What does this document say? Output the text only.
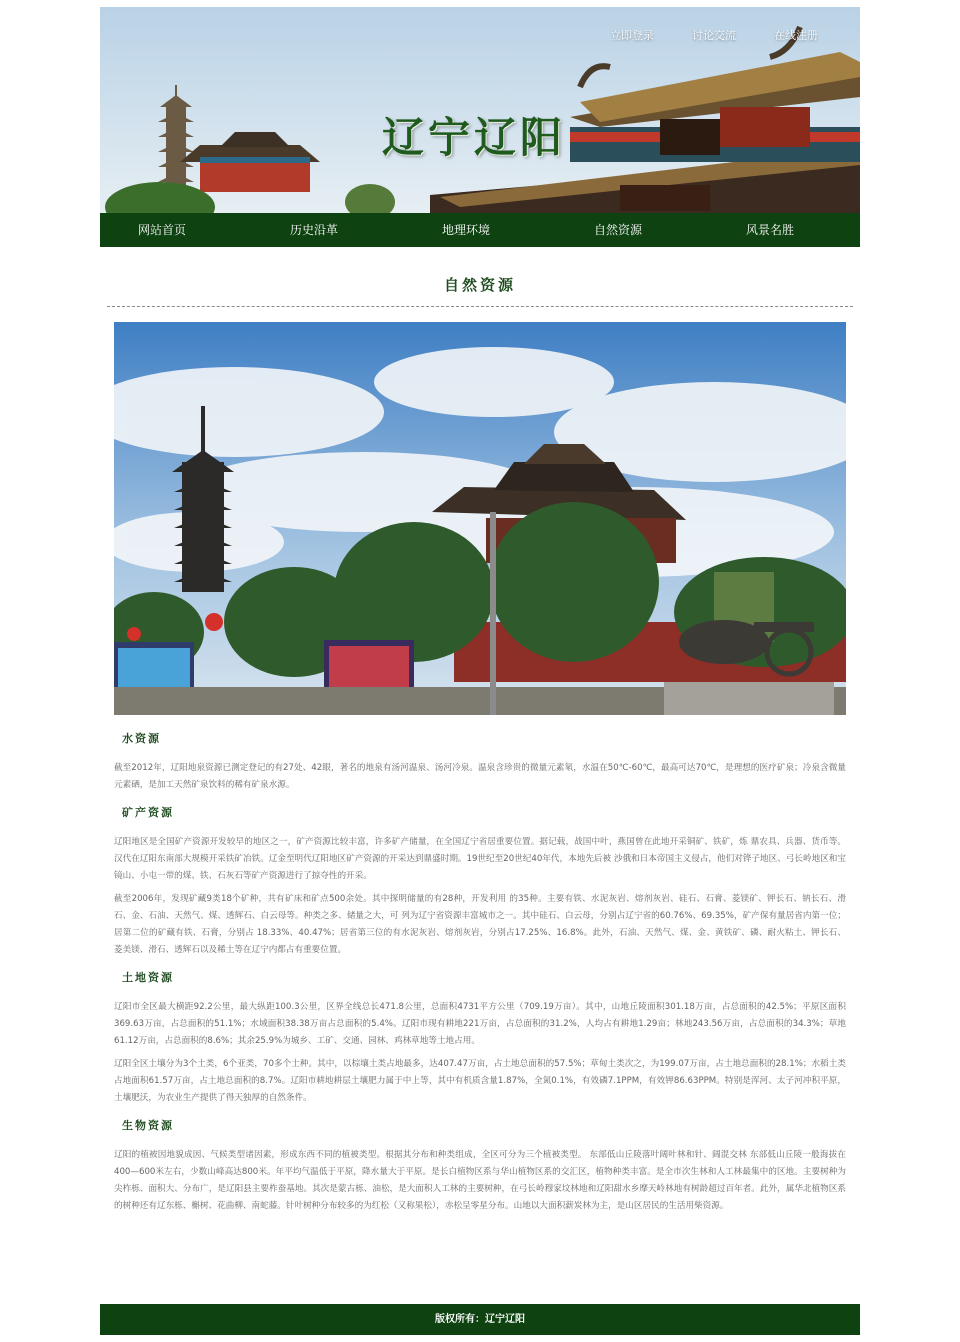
辽宁辽阳
立即登录	讨论交流	在线注册
网站首页	历史沿革	地理环境	自然资源	风景名胜
自然资源
水资源

截至2012年，辽阳地泉资源已测定登记的有27处、42眼，著名的地泉有汤河温泉、汤河冷泉。温泉含珍贵的微量元素氡，水温在50℃-60℃，最高可达70℃，是理想的医疗矿泉；冷泉含微量元素硒，是加工天然矿泉饮料的稀有矿泉水源。

矿产资源

辽阳地区是全国矿产资源开发较早的地区之一，矿产资源比较丰富，许多矿产储量，在全国辽宁省居重要位置。据记载，战国中叶，燕国曾在此地开采铜矿、铁矿，炼 鼎农具、兵器、货币等。汉代在辽阳东南部大规模开采铁矿冶铁。辽金至明代辽阳地区矿产资源的开采达到鼎盛时期。19世纪至20世纪40年代，本地先后被 沙俄和日本帝国主义侵占，他们对铧子地区、弓长岭地区和宝镜山、小屯一带的煤、铁、石灰石等矿产资源进行了掠夺性的开采。

截至2006年，发现矿藏9类18个矿种，共有矿床和矿点500余处。其中探明储量的有28种，开发利用 的35种。主要有铁、水泥灰岩、熔剂灰岩、硅石、石膏、菱镁矿、钾长石、钠长石、滑石、金、石油、天然气、煤、透辉石、白云母等。种类之多、储量之大，可 列为辽宁省资源丰富城市之一。其中硅石、白云母，分别占辽宁省的60.76%、69.35%，矿产保有量居省内第一位；居第二位的矿藏有铁、石膏，分别占 18.33%、40.47%；居省第三位的有水泥灰岩、熔剂灰岩，分别占17.25%、16.8%。此外，石油、天然气、煤、金、黄铁矿、磷、耐火粘土、钾长石、 菱美镁、滑石、透辉石以及稀土等在辽宁内都占有重要位置。

土地资源

辽阳市全区最大横距92.2公里，最大纵距100.3公里，区界全线总长471.8公里，总面积4731平方公里（709.19万亩）。其中，山地丘陵面积301.18万亩，占总面积的42.5%；平原区面积369.63万亩，占总面积的51.1%；水域面积38.38万亩占总面积的5.4%。辽阳市现有耕地221万亩，占总面积的31.2%，人均占有耕地1.29亩；林地243.56万亩，占总面积的34.3%；草地61.12万亩，占总面积的8.6%；其余25.9%为城乡、工矿、交通、园林、鸡林草地等土地占用。

辽阳全区土壤分为3个土类，6个亚类，70多个土种。其中，以棕壤土类占地最多，达407.47万亩，占土地总面积的57.5%；草甸土类次之，为199.07万亩，占土地总面积的28.1%；水稻土类占地面积61.57万亩，占土地总面积的8.7%。辽阳市耕地耕层土壤肥力属于中上等，其中有机质含量1.87%，全氮0.1%，有效磷7.1PPM，有效钾86.63PPM。特别是浑河、太子河冲积平原，土壤肥沃，为农业生产提供了得天独厚的自然条件。

生物资源

辽阳的植被因地貌成因、气候类型诸因素，形成东西不同的植被类型。根据其分布和种类组成，全区可分为三个植被类型。 东部低山丘陵落叶阔叶林和针、阔混交林 东部低山丘陵一般海拔在400—600米左右，少数山峰高达800米。年平均气温低于平原，降水量大于平原。是长白植物区系与华山植物区系的交汇区，植物种类丰富。是全市次生林和人工林最集中的区地。主要树种为尖柞栎、面积大、分布广，是辽阳县主要柞蚕基地。其次是蒙古栎、油松，是大面积人工林的主要树种，在弓长岭穆家坟林地和辽阳甜水乡摩天岭林地有树龄超过百年者。此外，属华北植物区系的树种还有辽东栎、槲树、花曲柳、南蛇藤。针叶树种分布较多的为红松（又称果松），赤松呈零星分布。山地以大面积薪炭林为主，是山区居民的生活用柴资源。

版权所有：辽宁辽阳
